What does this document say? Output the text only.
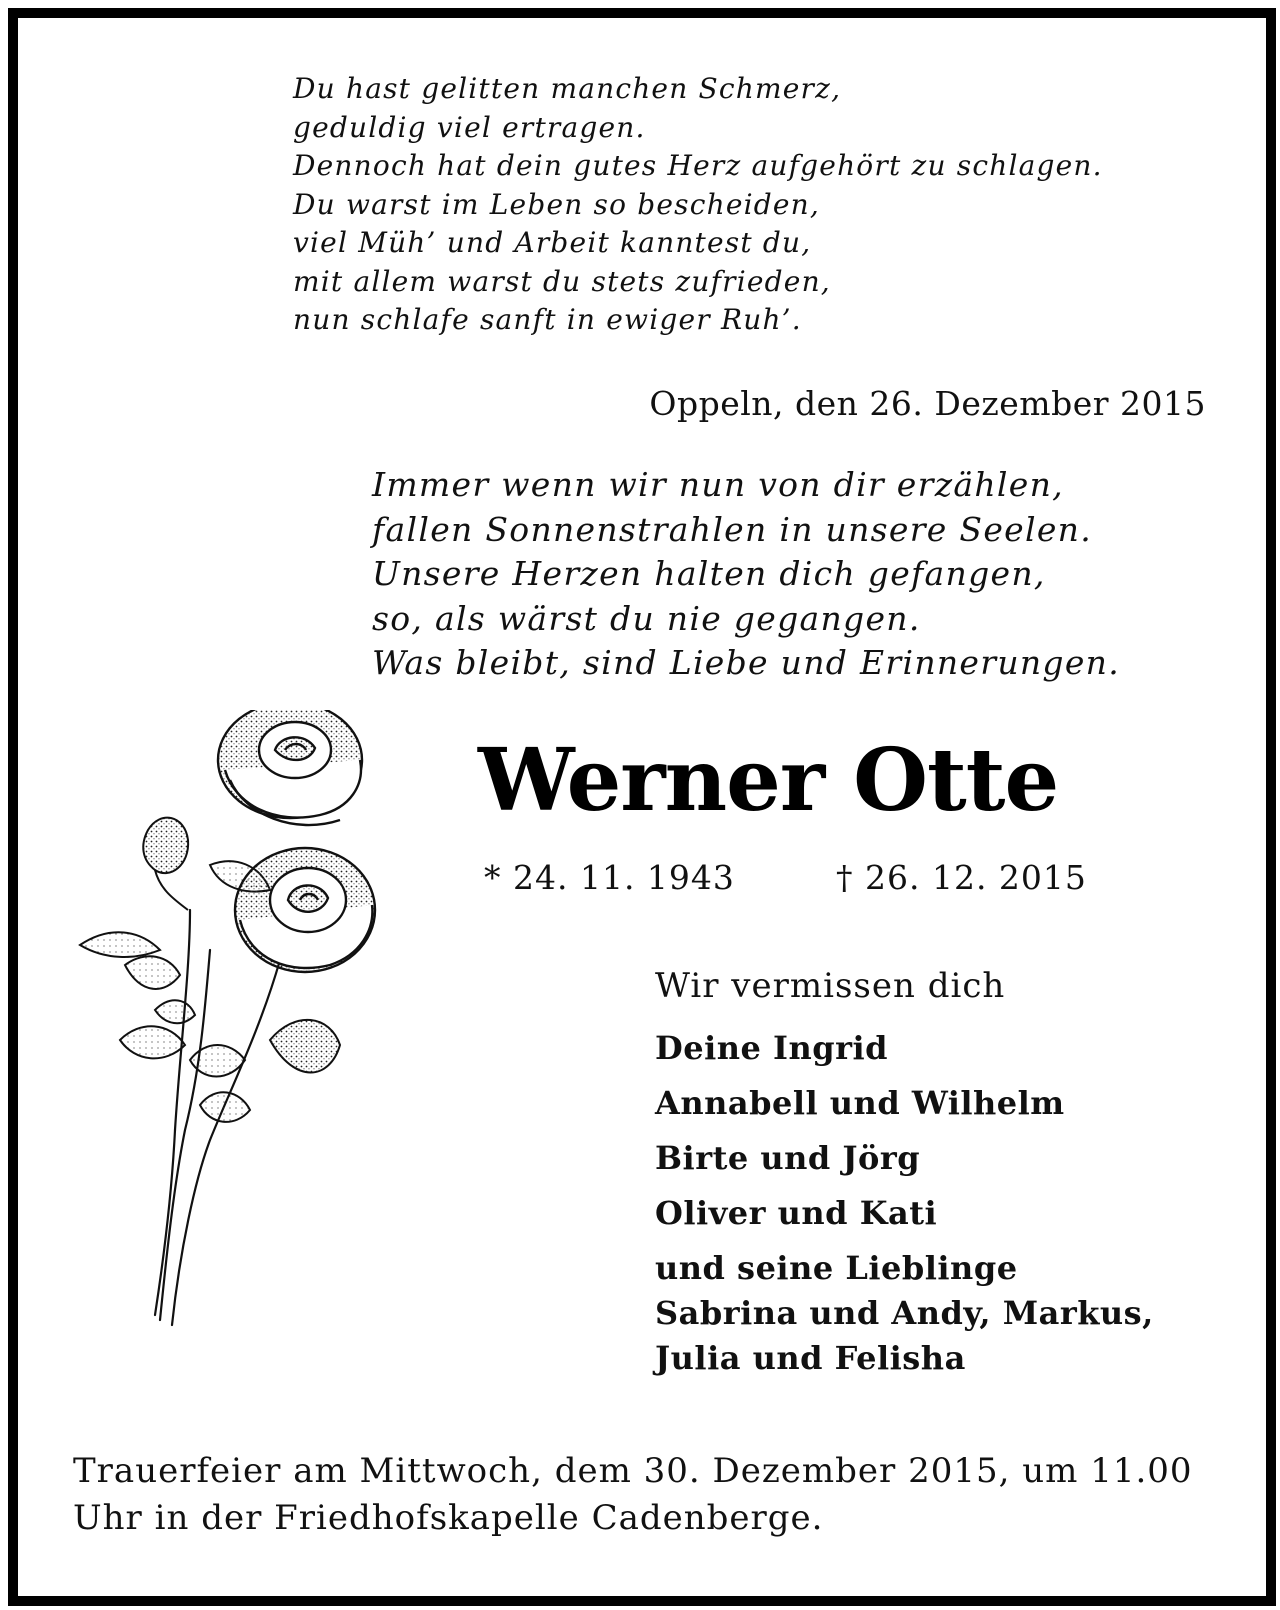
Du hast gelitten manchen Schmerz,
geduldig viel ertragen.
Dennoch hat dein gutes Herz aufgehört zu schlagen.
Du warst im Leben so bescheiden,
viel Müh’ und Arbeit kanntest du,
mit allem warst du stets zufrieden,
nun schlafe sanft in ewiger Ruh’.
Oppeln, den 26. Dezember 2015
Immer wenn wir nun von dir erzählen,
fallen Sonnenstrahlen in unsere Seelen.
Unsere Herzen halten dich gefangen,
so, als wärst du nie gegangen.
Was bleibt, sind Liebe und Erinnerungen.
Werner Otte
* 24. 11. 1943	† 26. 12. 2015
Wir vermissen dich
Deine Ingrid
Annabell und Wilhelm
Birte und Jörg
Oliver und Kati
und seine Lieblinge
Sabrina und Andy, Markus,
Julia und Felisha
Trauerfeier am Mittwoch, dem 30. Dezember 2015, um 11.00 Uhr in der Friedhofskapelle Cadenberge.
